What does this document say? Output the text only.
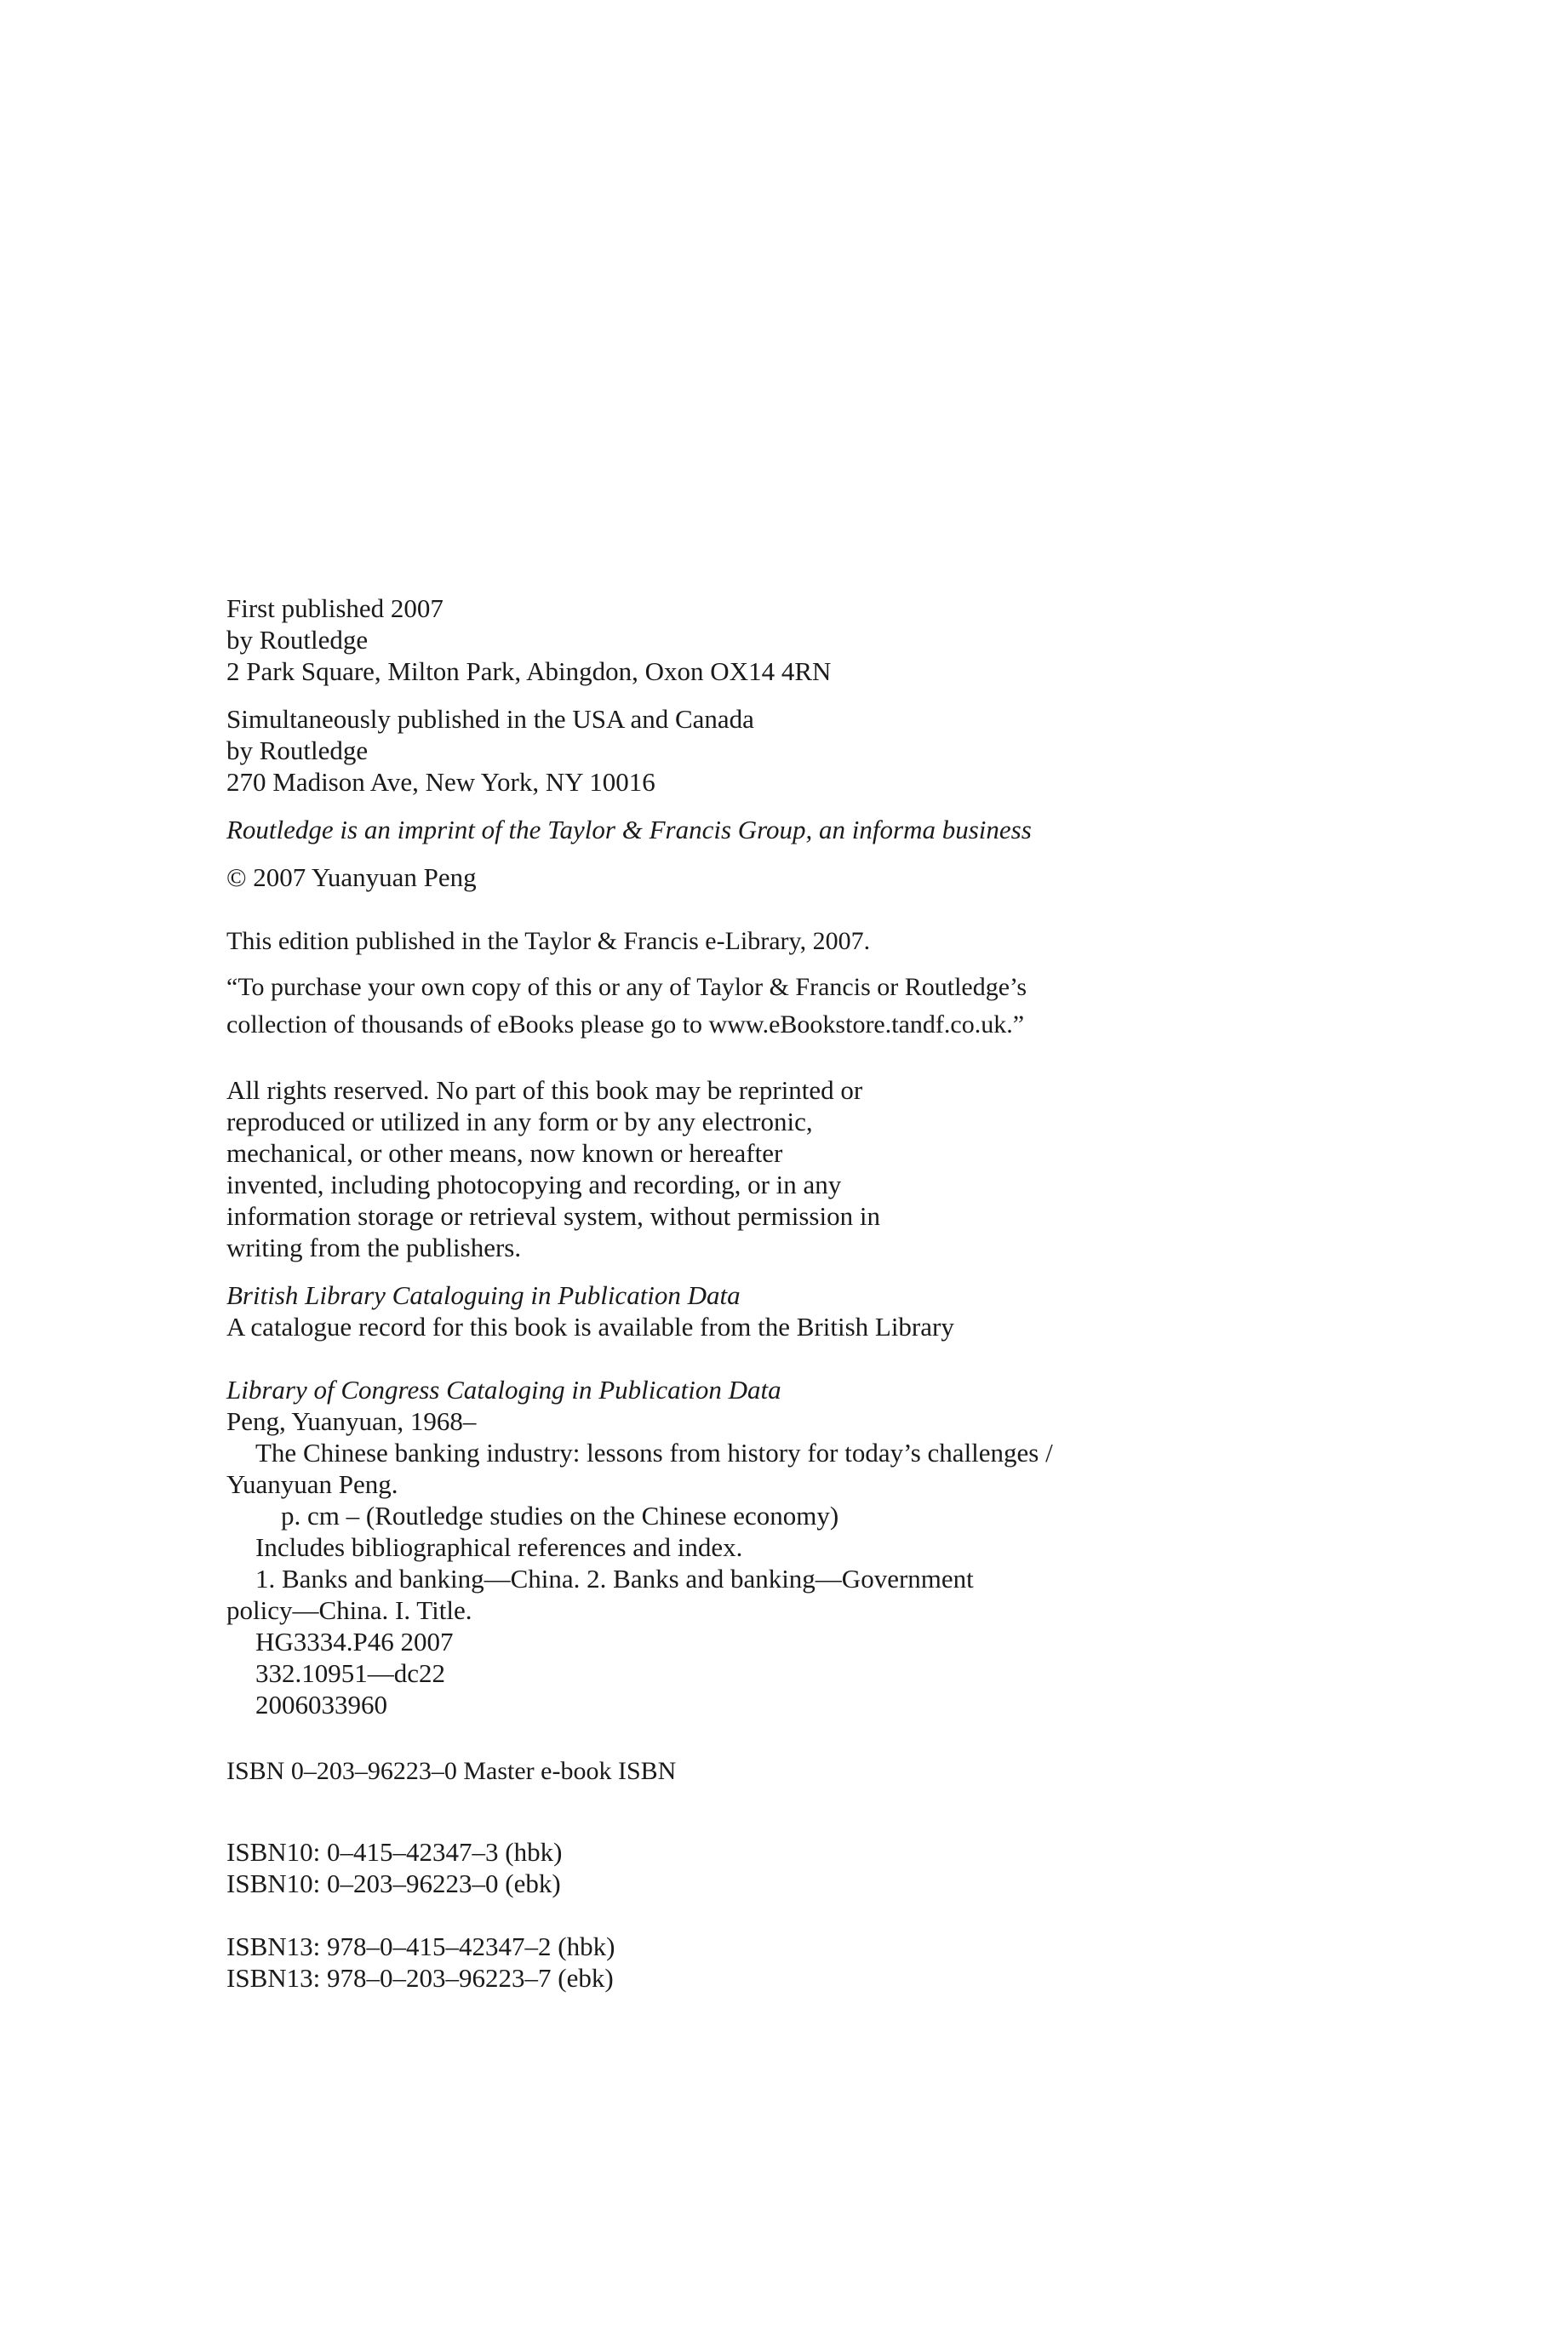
First published 2007
by Routledge
2 Park Square, Milton Park, Abingdon, Oxon OX14 4RN
Simultaneously published in the USA and Canada
by Routledge
270 Madison Ave, New York, NY 10016
Routledge is an imprint of the Taylor & Francis Group, an informa business
© 2007 Yuanyuan Peng
This edition published in the Taylor & Francis e-Library, 2007.
“To purchase your own copy of this or any of Taylor & Francis or Routledge’s
collection of thousands of eBooks please go to www.eBookstore.tandf.co.uk.”
All rights reserved. No part of this book may be reprinted or
reproduced or utilized in any form or by any electronic,
mechanical, or other means, now known or hereafter
invented, including photocopying and recording, or in any
information storage or retrieval system, without permission in
writing from the publishers.
British Library Cataloguing in Publication Data
A catalogue record for this book is available from the British Library
Library of Congress Cataloging in Publication Data
Peng, Yuanyuan, 1968–
The Chinese banking industry: lessons from history for today’s challenges /
Yuanyuan Peng.
p. cm – (Routledge studies on the Chinese economy)
Includes bibliographical references and index.
1. Banks and banking—China. 2. Banks and banking—Government
policy—China. I. Title.
HG3334.P46 2007
332.10951—dc22
2006033960
ISBN 0–203–96223–0 Master e-book ISBN
ISBN10: 0–415–42347–3 (hbk)
ISBN10: 0–203–96223–0 (ebk)
ISBN13: 978–0–415–42347–2 (hbk)
ISBN13: 978–0–203–96223–7 (ebk)
